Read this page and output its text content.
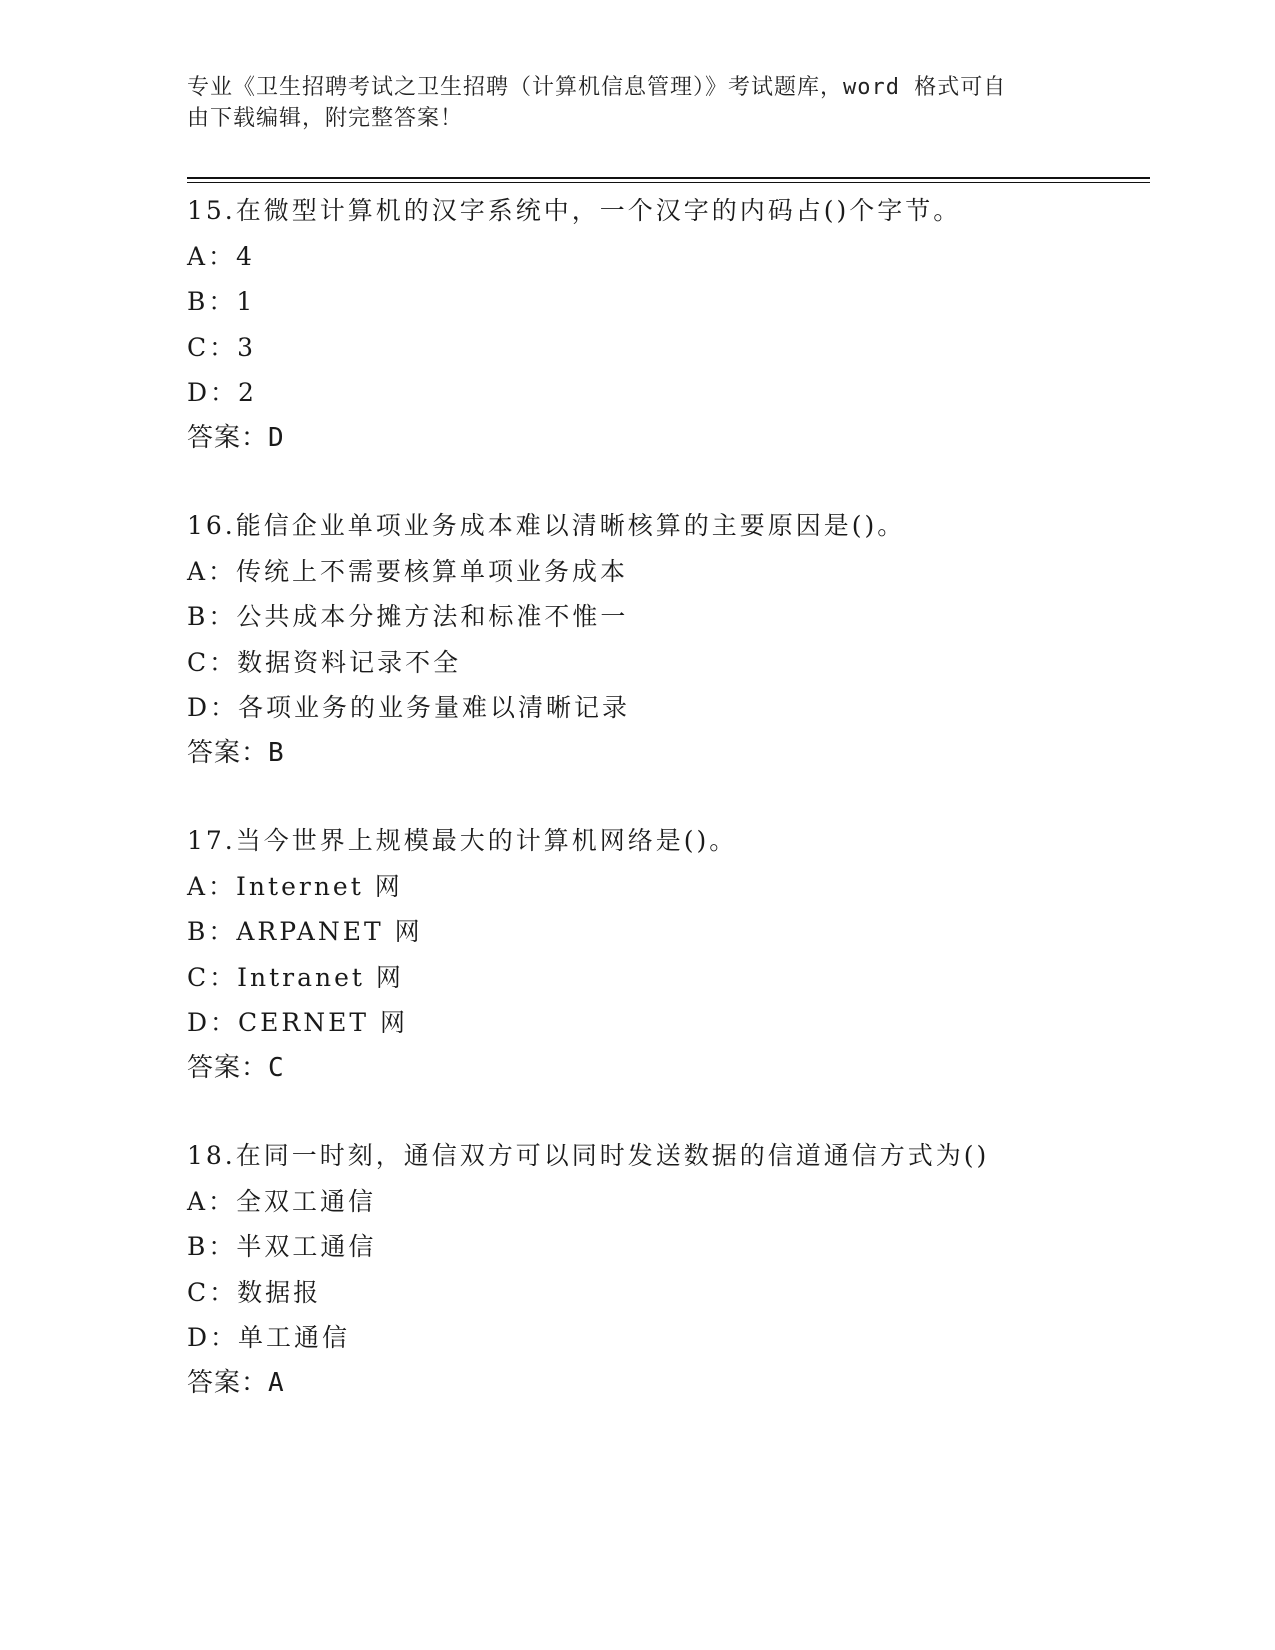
专业《卫生招聘考试之卫生招聘（计算机信息管理）》考试题库，word 格式可自
由下载编辑，附完整答案！
15.在微型计算机的汉字系统中，一个汉字的内码占()个字节。
A：4
B：1
C：3
D：2
答案：D
16.能信企业单项业务成本难以清晰核算的主要原因是()。
A：传统上不需要核算单项业务成本
B：公共成本分摊方法和标准不惟一
C：数据资料记录不全
D：各项业务的业务量难以清晰记录
答案：B
17.当今世界上规模最大的计算机网络是()。
A：Internet 网
B：ARPANET 网
C：Intranet 网
D：CERNET 网
答案：C
18.在同一时刻，通信双方可以同时发送数据的信道通信方式为()
A：全双工通信
B：半双工通信
C：数据报
D：单工通信
答案：A
